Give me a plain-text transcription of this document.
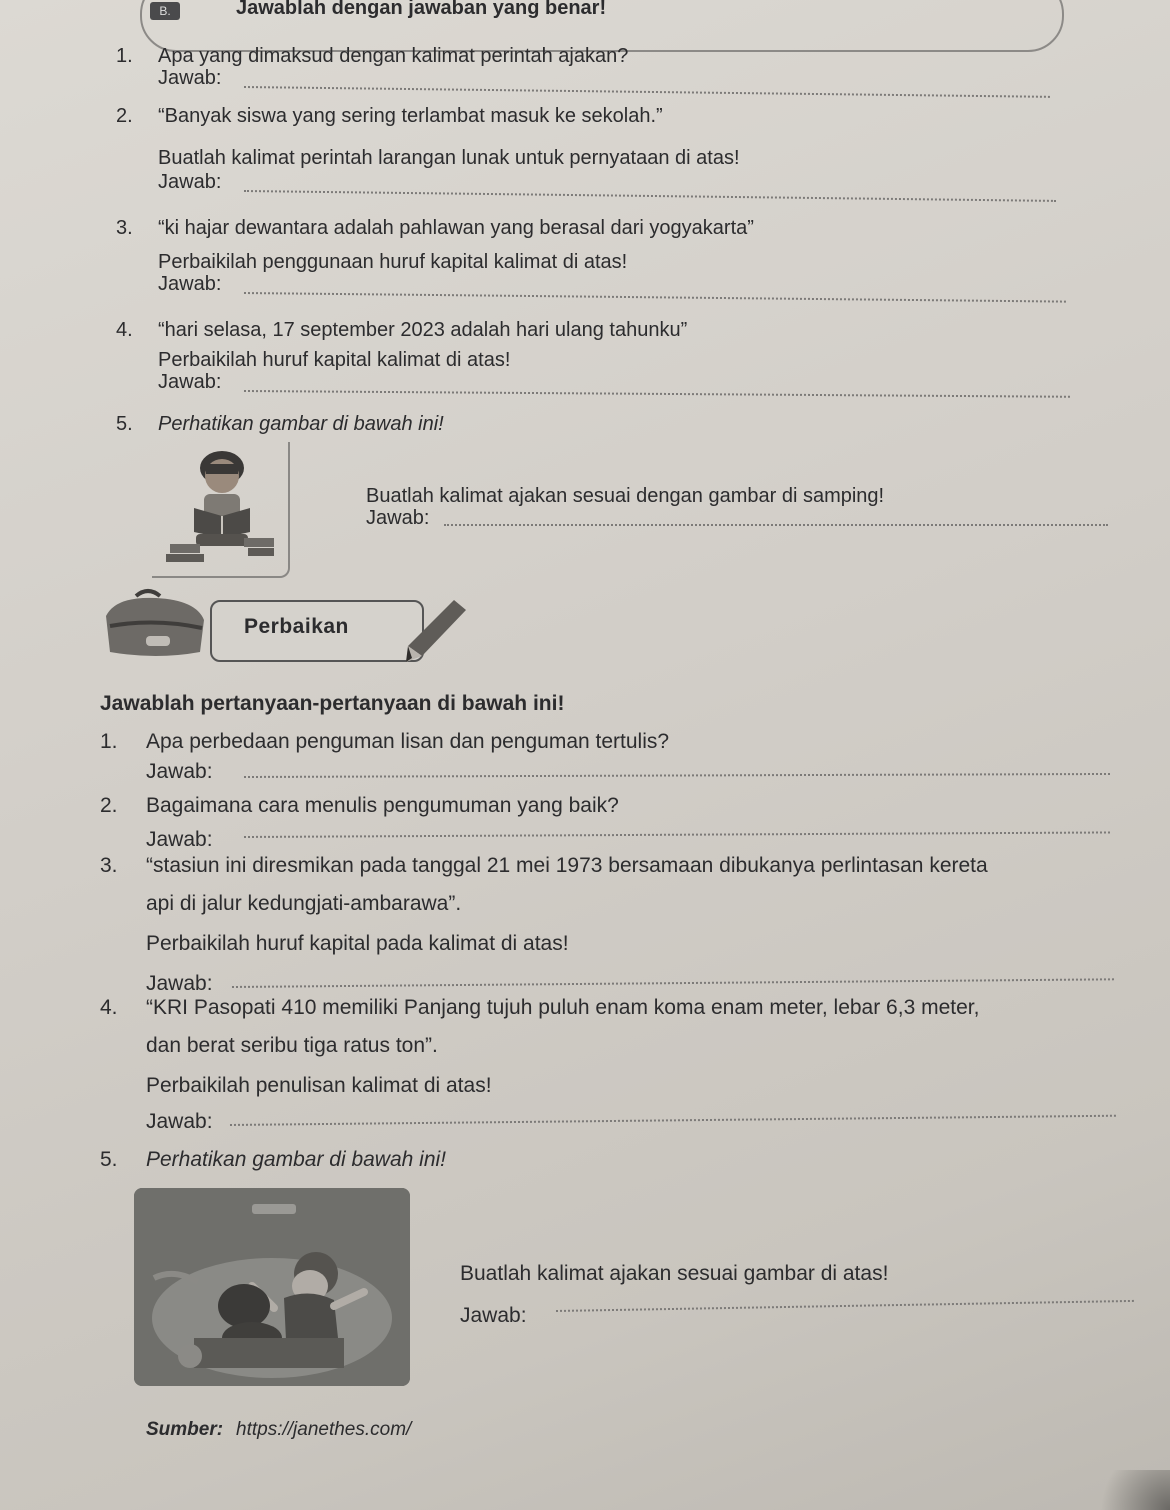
B.	Jawablah dengan jawaban yang benar!
1. Apa yang dimaksud dengan kalimat perintah ajakan?
Jawab:
2. “Banyak siswa yang sering terlambat masuk ke sekolah.”
Buatlah kalimat perintah larangan lunak untuk pernyataan di atas!
Jawab:
3. “ki hajar dewantara adalah pahlawan yang berasal dari yogyakarta”
Perbaikilah penggunaan huruf kapital kalimat di atas!
Jawab:
4. “hari selasa, 17 september 2023 adalah hari ulang tahunku”
Perbaikilah huruf kapital kalimat di atas!
Jawab:
5. Perhatikan gambar di bawah ini!
Buatlah kalimat ajakan sesuai dengan gambar di samping!
Jawab:
Perbaikan
Jawablah pertanyaan-pertanyaan di bawah ini!
1. Apa perbedaan penguman lisan dan penguman tertulis?
Jawab:
2. Bagaimana cara menulis pengumuman yang baik?
Jawab:
3. “stasiun ini diresmikan pada tanggal 21 mei 1973 bersamaan dibukanya perlintasan kereta
api di jalur kedungjati-ambarawa”.
Perbaikilah huruf kapital pada kalimat di atas!
Jawab:
4. “KRI Pasopati 410 memiliki Panjang tujuh puluh enam koma enam meter, lebar 6,3 meter,
dan berat seribu tiga ratus ton”.
Perbaikilah penulisan kalimat di atas!
Jawab:
5. Perhatikan gambar di bawah ini!
Buatlah kalimat ajakan sesuai gambar di atas!
Jawab:
Sumber: https://janethes.com/
